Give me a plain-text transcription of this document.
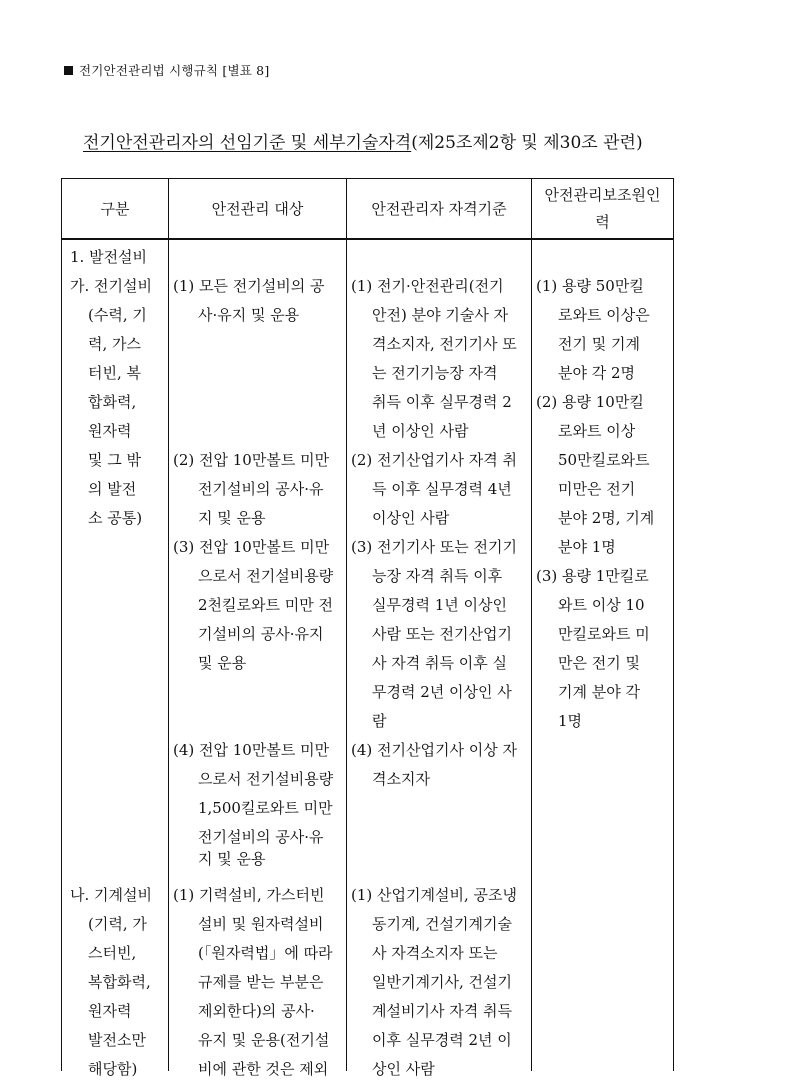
전기안전관리법 시행규칙 [별표 8]
전기안전관리자의 선임기준 및 세부기술자격(제25조제2항 및 제30조 관련)
구분	안전관리 대상	안전관리자 자격기준
안전관리보조원인 력
1. 발전설비
가. 전기설비
(수력, 기
력, 가스
터빈, 복
합화력,
원자력
및 그 밖
의 발전
소 공통)
나. 기계설비
(기력, 가
스터빈,
복합화력,
원자력
발전소만
해당함)
(1) 모든 전기설비의 공
사·유지 및 운용
(2) 전압 10만볼트 미만
전기설비의 공사·유
지 및 운용
(3) 전압 10만볼트 미만
으로서 전기설비용량
2천킬로와트 미만 전
기설비의 공사·유지
및 운용
(4) 전압 10만볼트 미만
으로서 전기설비용량
1,500킬로와트 미만
전기설비의 공사·유
지 및 운용
(1) 기력설비, 가스터빈
설비 및 원자력설비
(「원자력법」에 따라
규제를 받는 부분은
제외한다)의 공사·
유지 및 운용(전기설
비에 관한 것은 제외
(1) 전기·안전관리(전기
안전) 분야 기술사 자
격소지자, 전기기사 또
는 전기기능장 자격
취득 이후 실무경력 2
년 이상인 사람
(2) 전기산업기사 자격 취
득 이후 실무경력 4년
이상인 사람
(3) 전기기사 또는 전기기
능장 자격 취득 이후
실무경력 1년 이상인
사람 또는 전기산업기
사 자격 취득 이후 실
무경력 2년 이상인 사
람
(4) 전기산업기사 이상 자
격소지자
(1) 산업기계설비, 공조냉
동기계, 건설기계기술
사 자격소지자 또는
일반기계기사, 건설기
계설비기사 자격 취득
이후 실무경력 2년 이
상인 사람
(1) 용량 50만킬
로와트 이상은
전기 및 기계
분야 각 2명
(2) 용량 10만킬
로와트 이상
50만킬로와트
미만은 전기
분야 2명, 기계
분야 1명
(3) 용량 1만킬로
와트 이상 10
만킬로와트 미
만은 전기 및
기계 분야 각
1명
